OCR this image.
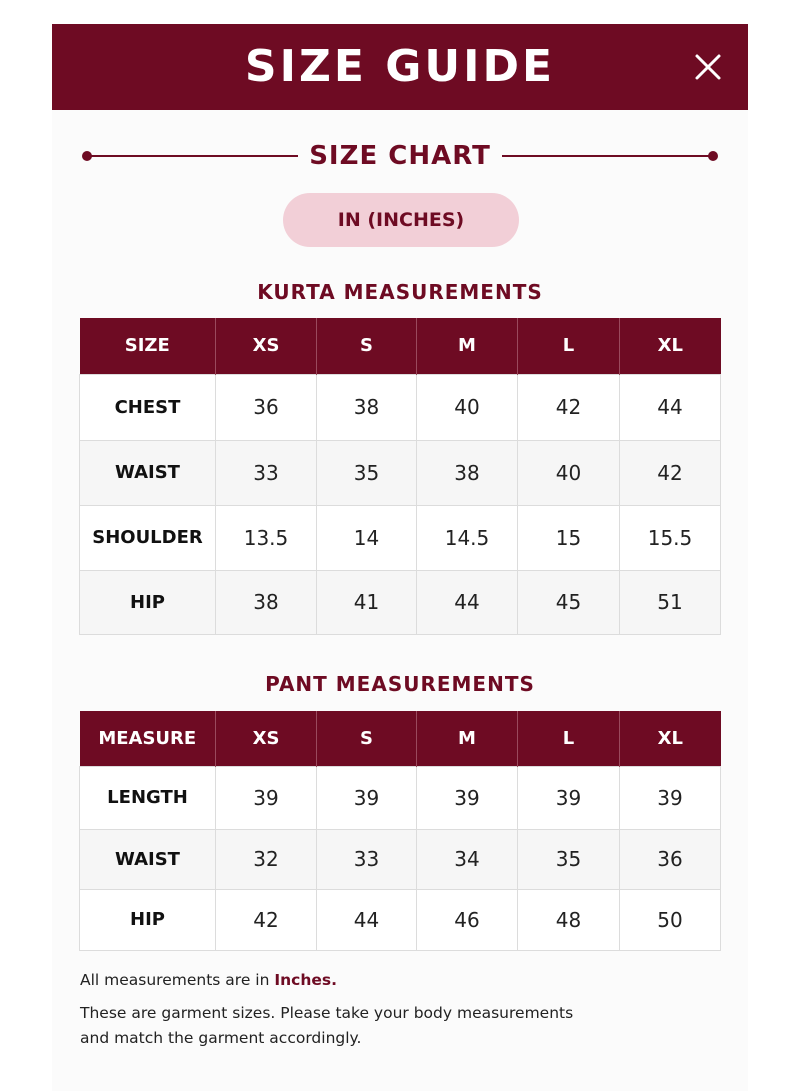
SIZE GUIDE
SIZE CHART
IN (INCHES)
KURTA MEASUREMENTS
SIZE	XS	S	M	L	XL
CHEST	36	38	40	42	44
WAIST	33	35	38	40	42
SHOULDER	13.5	14	14.5	15	15.5
HIP	38	41	44	45	51
PANT MEASUREMENTS
MEASURE	XS	S	M	L	XL
LENGTH	39	39	39	39	39
WAIST	32	33	34	35	36
HIP	42	44	46	48	50
All measurements are in Inches.
These are garment sizes. Please take your body measurements and match the garment accordingly.
